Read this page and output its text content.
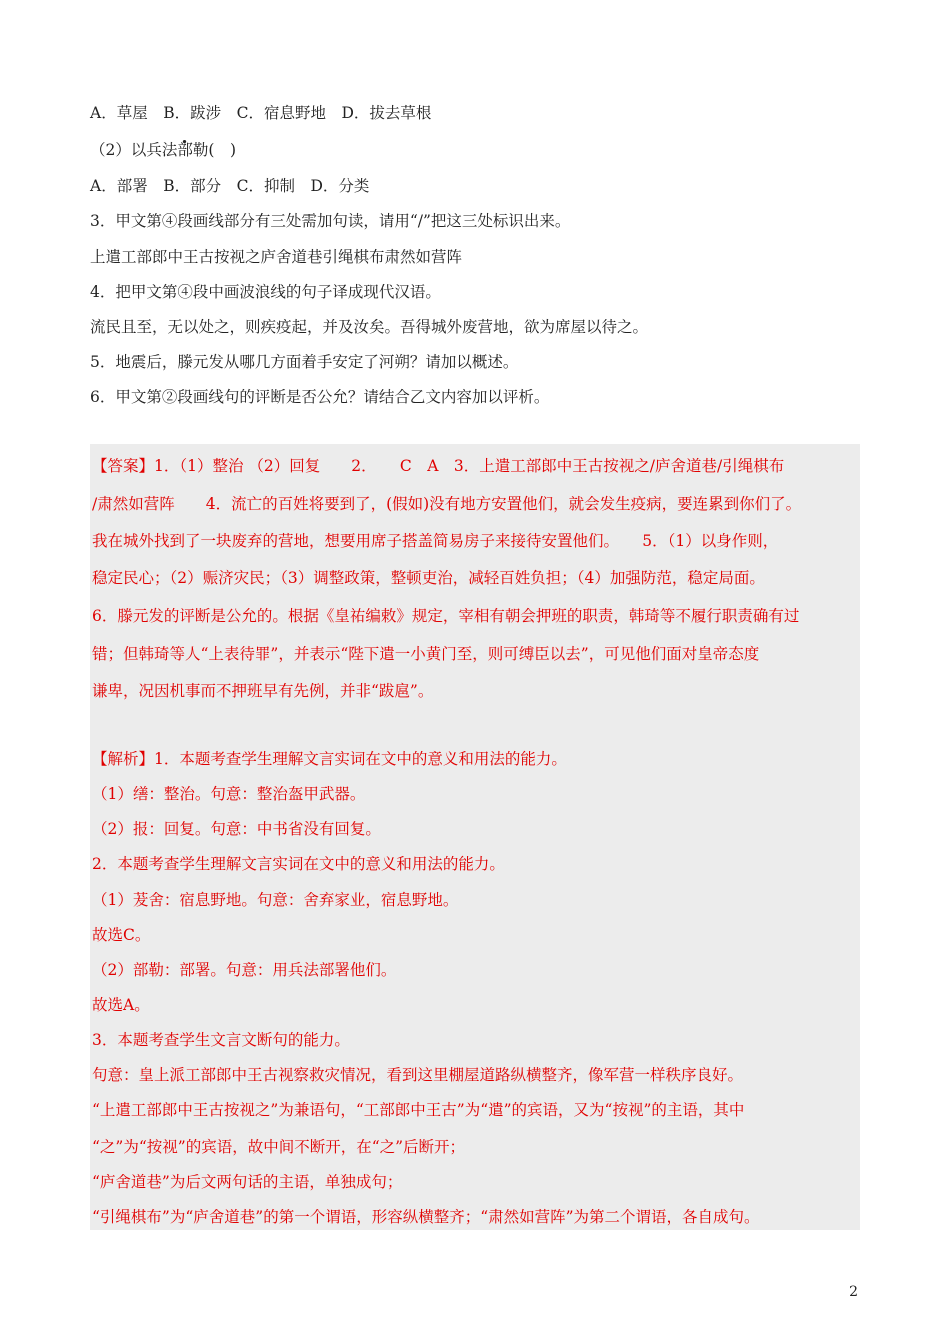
A．草屋　B．跋涉　C．宿息野地　D．拔去草根
（2）以兵法部勒(　)
A．部署　B．部分　C．抑制　D．分类
3．甲文第④段画线部分有三处需加句读，请用“/”把这三处标识出来。
上遣工部郎中王古按视之庐舍道巷引绳棋布肃然如营阵
4．把甲文第④段中画波浪线的句子译成现代汉语。
流民且至，无以处之，则疾疫起，并及汝矣。吾得城外废营地，欲为席屋以待之。
5．地震后，滕元发从哪几方面着手安定了河朔？请加以概述。
6．甲文第②段画线句的评断是否公允？请结合乙文内容加以评析。
【答案】1．（1）整治 （2）回复　　2．　　C　A　3．上遣工部郎中王古按视之/庐舍道巷/引绳棋布
/肃然如营阵　　4．流亡的百姓将要到了，(假如)没有地方安置他们，就会发生疫病，要连累到你们了。
我在城外找到了一块废弃的营地，想要用席子搭盖简易房子来接待安置他们。　　5．（1）以身作则，
稳定民心；（2）赈济灾民；（3）调整政策，整顿吏治，减轻百姓负担；（4）加强防范，稳定局面。
6．滕元发的评断是公允的。根据《皇祐编敕》规定，宰相有朝会押班的职责，韩琦等不履行职责确有过
错；但韩琦等人“上表待罪”，并表示“陛下遣一小黄门至，则可缚臣以去”，可见他们面对皇帝态度
谦卑，况因机事而不押班早有先例，并非“跋扈”。
【解析】1．本题考查学生理解文言实词在文中的意义和用法的能力。
（1）缮：整治。句意：整治盔甲武器。
（2）报：回复。句意：中书省没有回复。
2．本题考查学生理解文言实词在文中的意义和用法的能力。
（1）茇舍：宿息野地。句意：舍弃家业，宿息野地。
故选C。
（2）部勒：部署。句意：用兵法部署他们。
故选A。
3．本题考查学生文言文断句的能力。
句意：皇上派工部郎中王古视察救灾情况，看到这里棚屋道路纵横整齐，像军营一样秩序良好。
“上遣工部郎中王古按视之”为兼语句，“工部郎中王古”为“遣”的宾语，又为“按视”的主语，其中
“之”为“按视”的宾语，故中间不断开，在“之”后断开；
“庐舍道巷”为后文两句话的主语，单独成句；
“引绳棋布”为“庐舍道巷”的第一个谓语，形容纵横整齐；“肃然如营阵”为第二个谓语，各自成句。
2
